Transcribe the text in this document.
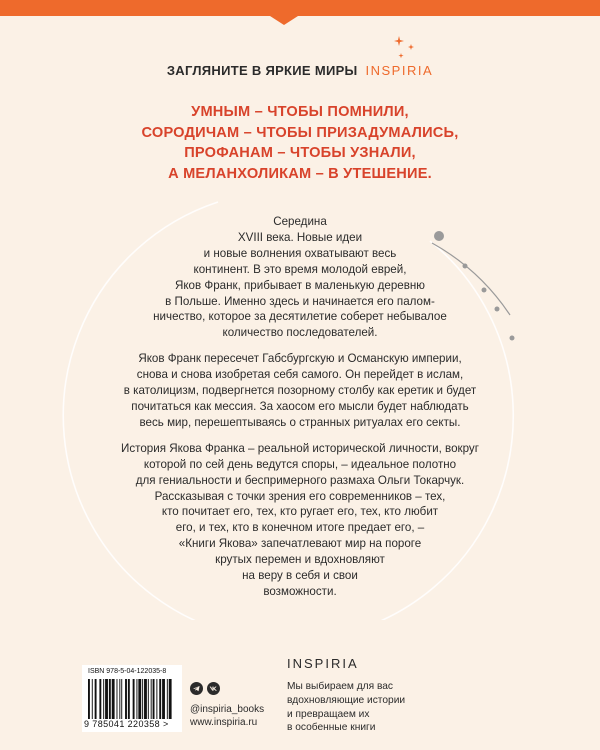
ЗАГЛЯНИТЕ В ЯРКИЕ МИРЫ INSPIRIA
УМНЫМ – ЧТОБЫ ПОМНИЛИ,
СОРОДИЧАМ – ЧТОБЫ ПРИЗАДУМАЛИСЬ,
ПРОФАНАМ – ЧТОБЫ УЗНАЛИ,
А МЕЛАНХОЛИКАМ – В УТЕШЕНИЕ.
Середина
XVIII века. Новые идеи
и новые волнения охватывают весь
континент. В это время молодой еврей,
Яков Франк, прибывает в маленькую деревню
в Польше. Именно здесь и начинается его палом-
ничество, которое за десятилетие соберет небывалое
количество последователей.
Яков Франк пересечет Габсбургскую и Османскую империи,
снова и снова изобретая себя самого. Он перейдет в ислам,
в католицизм, подвергнется позорному столбу как еретик и будет
почитаться как мессия. За хаосом его мысли будет наблюдать
весь мир, перешептываясь о странных ритуалах его секты.
История Якова Франка – реальной исторической личности, вокруг
которой по сей день ведутся споры, – идеальное полотно
для гениальности и беспримерного размаха Ольги Токарчук.
Рассказывая с точки зрения его современников – тех,
кто почитает его, тех, кто ругает его, тех, кто любит
его, и тех, кто в конечном итоге предает его, –
«Книги Якова» запечатлевают мир на пороге
крутых перемен и вдохновляют
на веру в себя и свои
возможности.
ISBN 978-5-04-122035-8
9 785041 220358 >
@inspiria_books
www.inspiria.ru
INSPIRIA
Мы выбираем для вас
вдохновляющие истории
и превращаем их
в особенные книги
